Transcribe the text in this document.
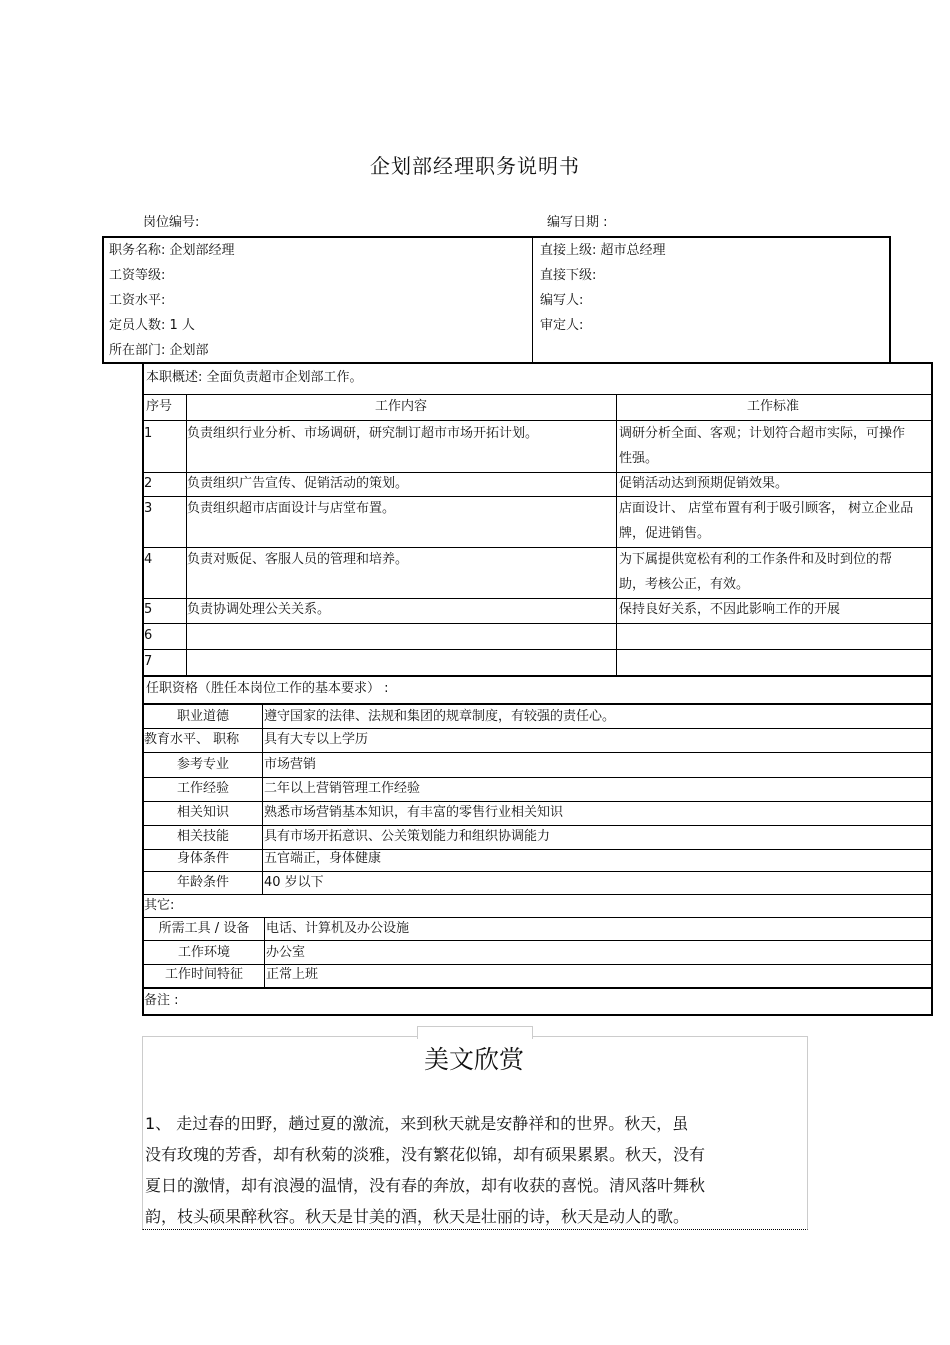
企划部经理职务说明书
岗位编号:	编写日期 :
职务名称: 企划部经理
工资等级:
工资水平:
定员人数: 1 人
所在部门: 企划部
直接上级: 超市总经理
直接下级:
编写人:
审定人:
本职概述: 全面负责超市企划部工作。
序号	工作内容	工作标准
1	负责组织行业分析、市场调研，研究制订超市市场开拓计划。	调研分析全面、客观；计划符合超市实际，可操作性强。
2	负责组织广告宣传、促销活动的策划。	促销活动达到预期促销效果。
3	负责组织超市店面设计与店堂布置。	店面设计、 店堂布置有利于吸引顾客， 树立企业品牌，促进销售。
4	负责对贩促、客服人员的管理和培养。	为下属提供宽松有利的工作条件和及时到位的帮助，考核公正，有效。
5	负责协调处理公关关系。	保持良好关系，不因此影响工作的开展
6
7
任职资格（胜任本岗位工作的基本要求） :
职业道德	遵守国家的法律、法规和集团的规章制度，有较强的责任心。
教育水平、 职称 具有大专以上学历
参考专业	市场营销
工作经验	二年以上营销管理工作经验
相关知识	熟悉市场营销基本知识，有丰富的零售行业相关知识
相关技能	具有市场开拓意识、公关策划能力和组织协调能力
身体条件	五官端正，身体健康
年龄条件	40 岁以下
其它:
所需工具 / 设备	电话、计算机及办公设施
工作环境	办公室
工作时间特征	正常上班
备注 :
美文欣赏
1、 走过春的田野，趟过夏的激流，来到秋天就是安静祥和的世界。秋天，虽
没有玫瑰的芳香，却有秋菊的淡雅，没有繁花似锦，却有硕果累累。秋天，没有
夏日的激情，却有浪漫的温情，没有春的奔放，却有收获的喜悦。清风落叶舞秋
韵，枝头硕果醉秋容。秋天是甘美的酒，秋天是壮丽的诗，秋天是动人的歌。
